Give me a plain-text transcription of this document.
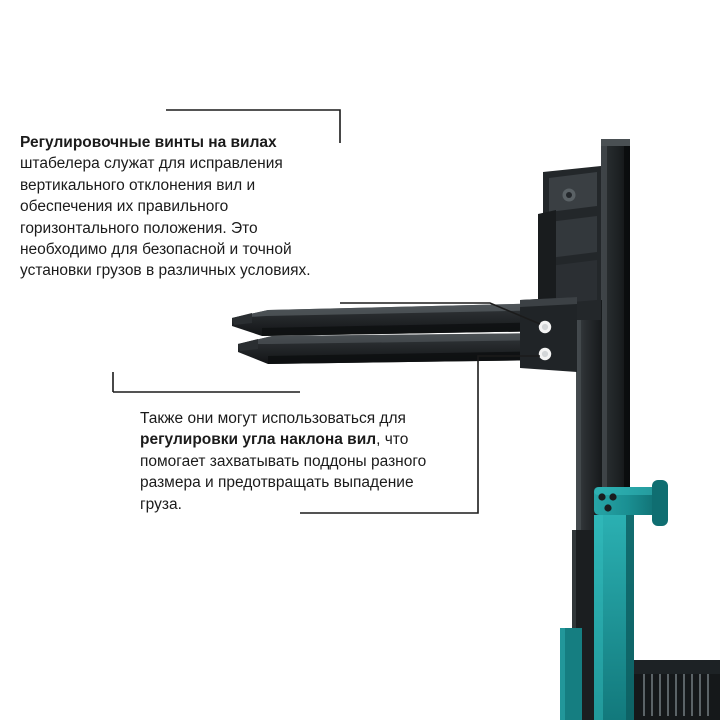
Регулировочные винты на вилах штабелера служат для исправления вертикального отклонения вил и обеспечения их правильного горизонтального положения. Это необходимо для безопасной и точной установки грузов в различных условиях.

Также они могут использоваться для регулировки угла наклона вил, что помогает захватывать поддоны разного размера и предотвращать выпадение груза.
